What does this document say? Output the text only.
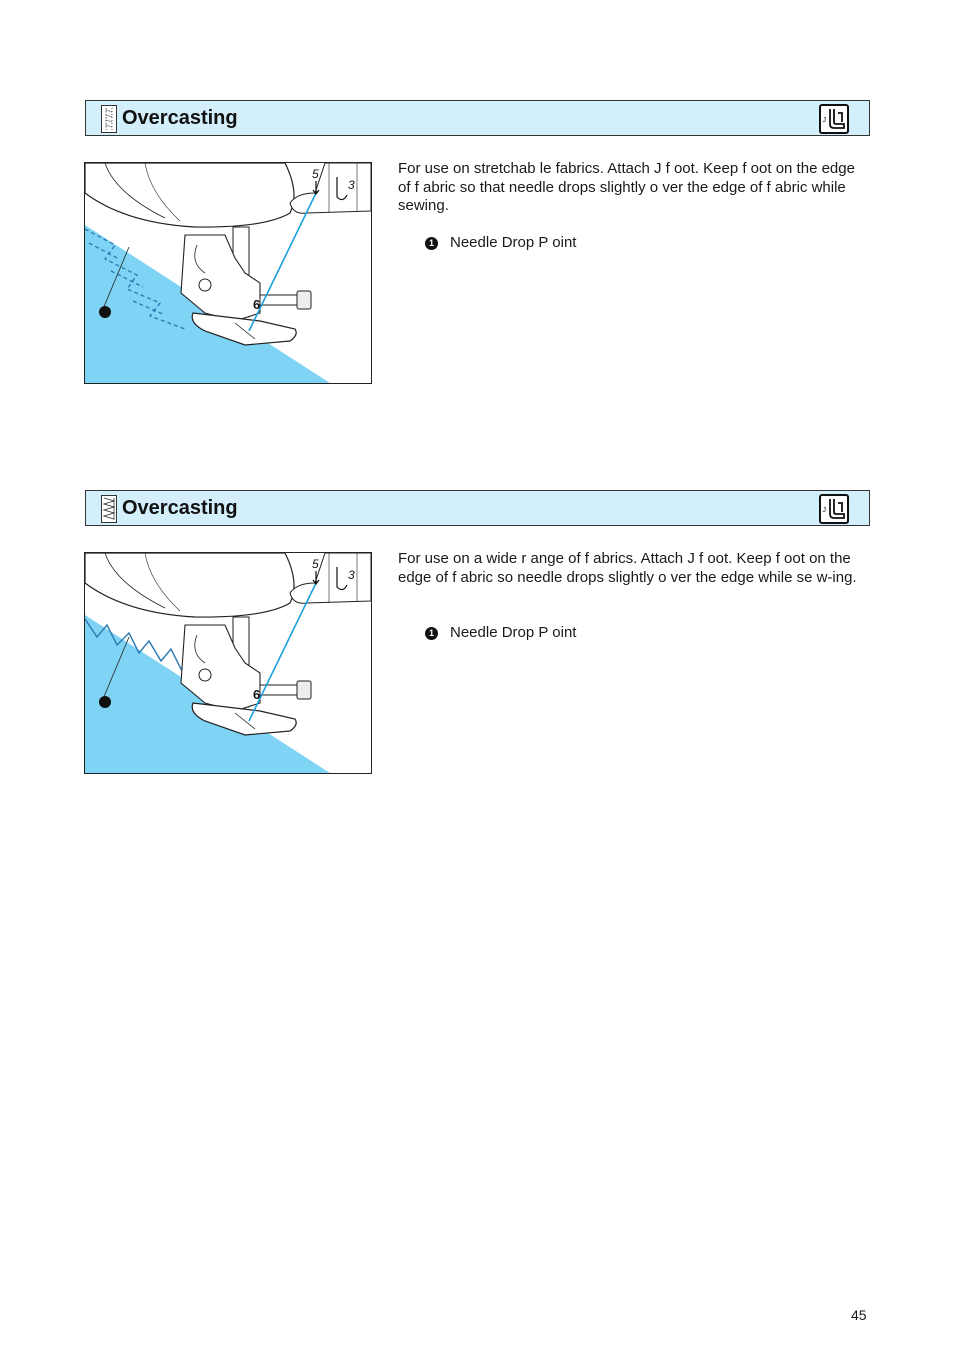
Overcasting	J
5
3
6

For use on stretchab le fabrics. Attach J f oot. Keep f oot on the edge of f abric so that needle drops slightly o ver the edge of f abric while sewing.

1 Needle Drop P oint
Overcasting	J
5
3
6

For use on a wide r ange of f abrics. Attach J f oot. Keep f oot on the edge of f abric so needle drops slightly o ver the edge while se w-ing.

1 Needle Drop P oint
45
